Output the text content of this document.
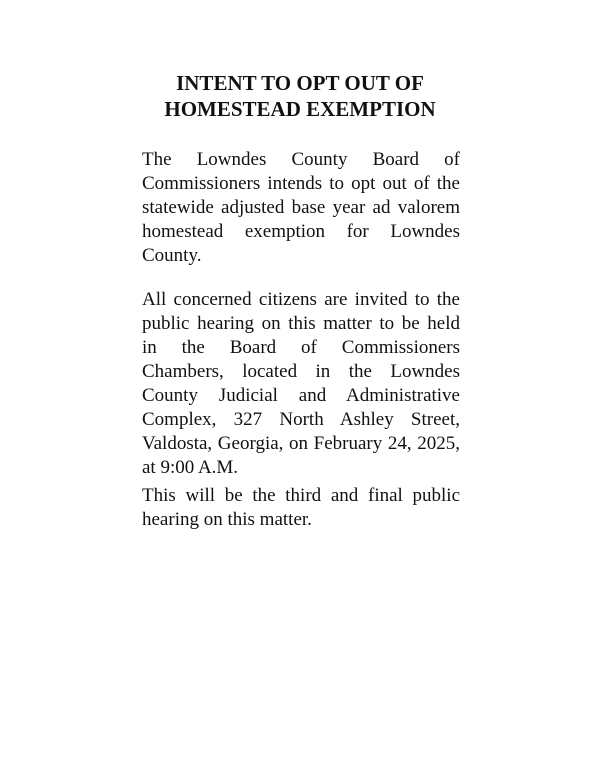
INTENT TO OPT OUT OF
HOMESTEAD EXEMPTION
The Lowndes County Board of
Commissioners intends to opt out of the
statewide adjusted base year ad valorem
homestead exemption for Lowndes
County.
All concerned citizens are invited to the
public hearing on this matter to be held
in the Board of Commissioners
Chambers, located in the Lowndes
County Judicial and Administrative
Complex, 327 North Ashley Street,
Valdosta, Georgia, on February 24, 2025,
at 9:00 A.M.
This will be the third and final public
hearing on this matter.
